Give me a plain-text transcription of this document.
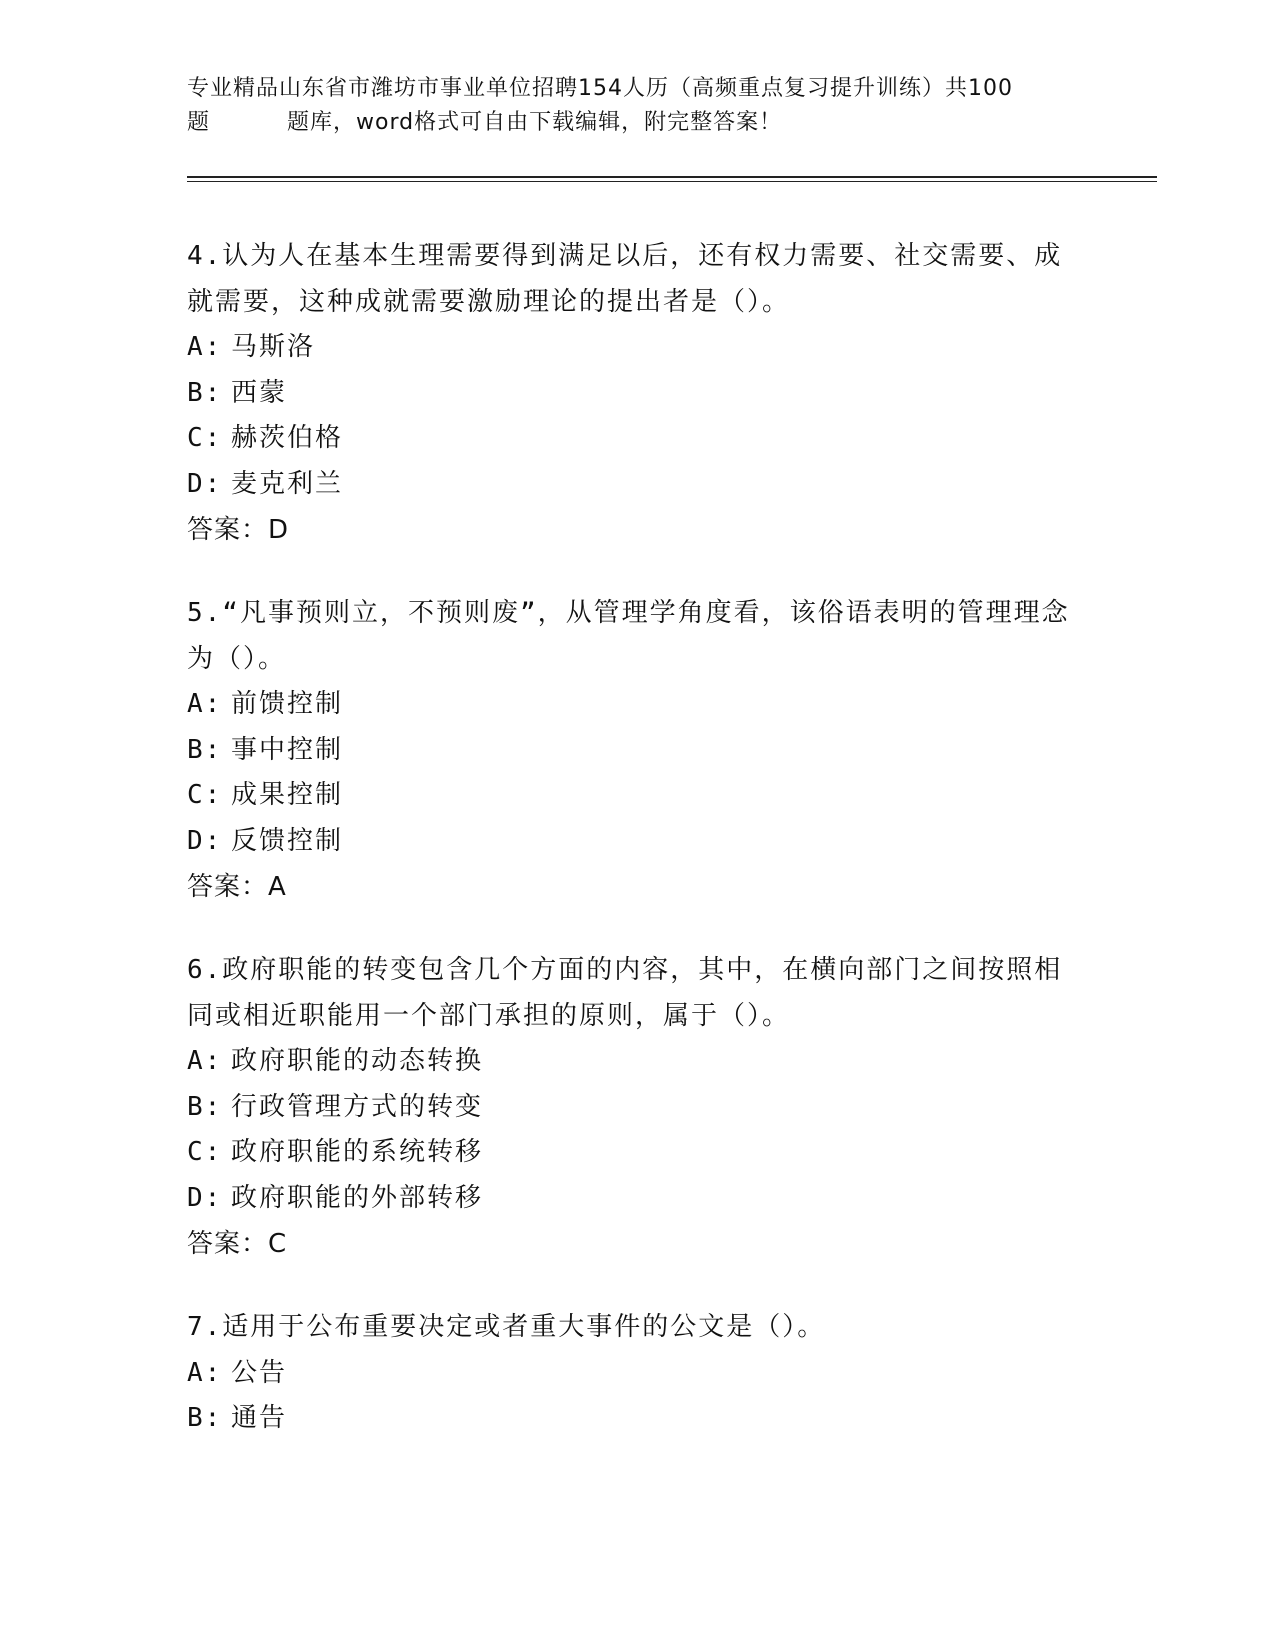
专业精品山东省市潍坊市事业单位招聘154人历（高频重点复习提升训练）共100
题	题库，word格式可自由下载编辑，附完整答案！

4.认为人在基本生理需要得到满足以后，还有权力需要、社交需要、成就需要，这种成就需要激励理论的提出者是（）。

A: 马斯洛
B: 西蒙
C: 赫茨伯格
D: 麦克利兰
答案：D

5.“凡事预则立，不预则废”，从管理学角度看，该俗语表明的管理理念为（）。

A: 前馈控制
B: 事中控制
C: 成果控制
D: 反馈控制
答案：A

6.政府职能的转变包含几个方面的内容，其中，在横向部门之间按照相同或相近职能用一个部门承担的原则，属于（）。

A: 政府职能的动态转换
B: 行政管理方式的转变
C: 政府职能的系统转移
D: 政府职能的外部转移
答案：C

7.适用于公布重要决定或者重大事件的公文是（）。

A: 公告
B: 通告
